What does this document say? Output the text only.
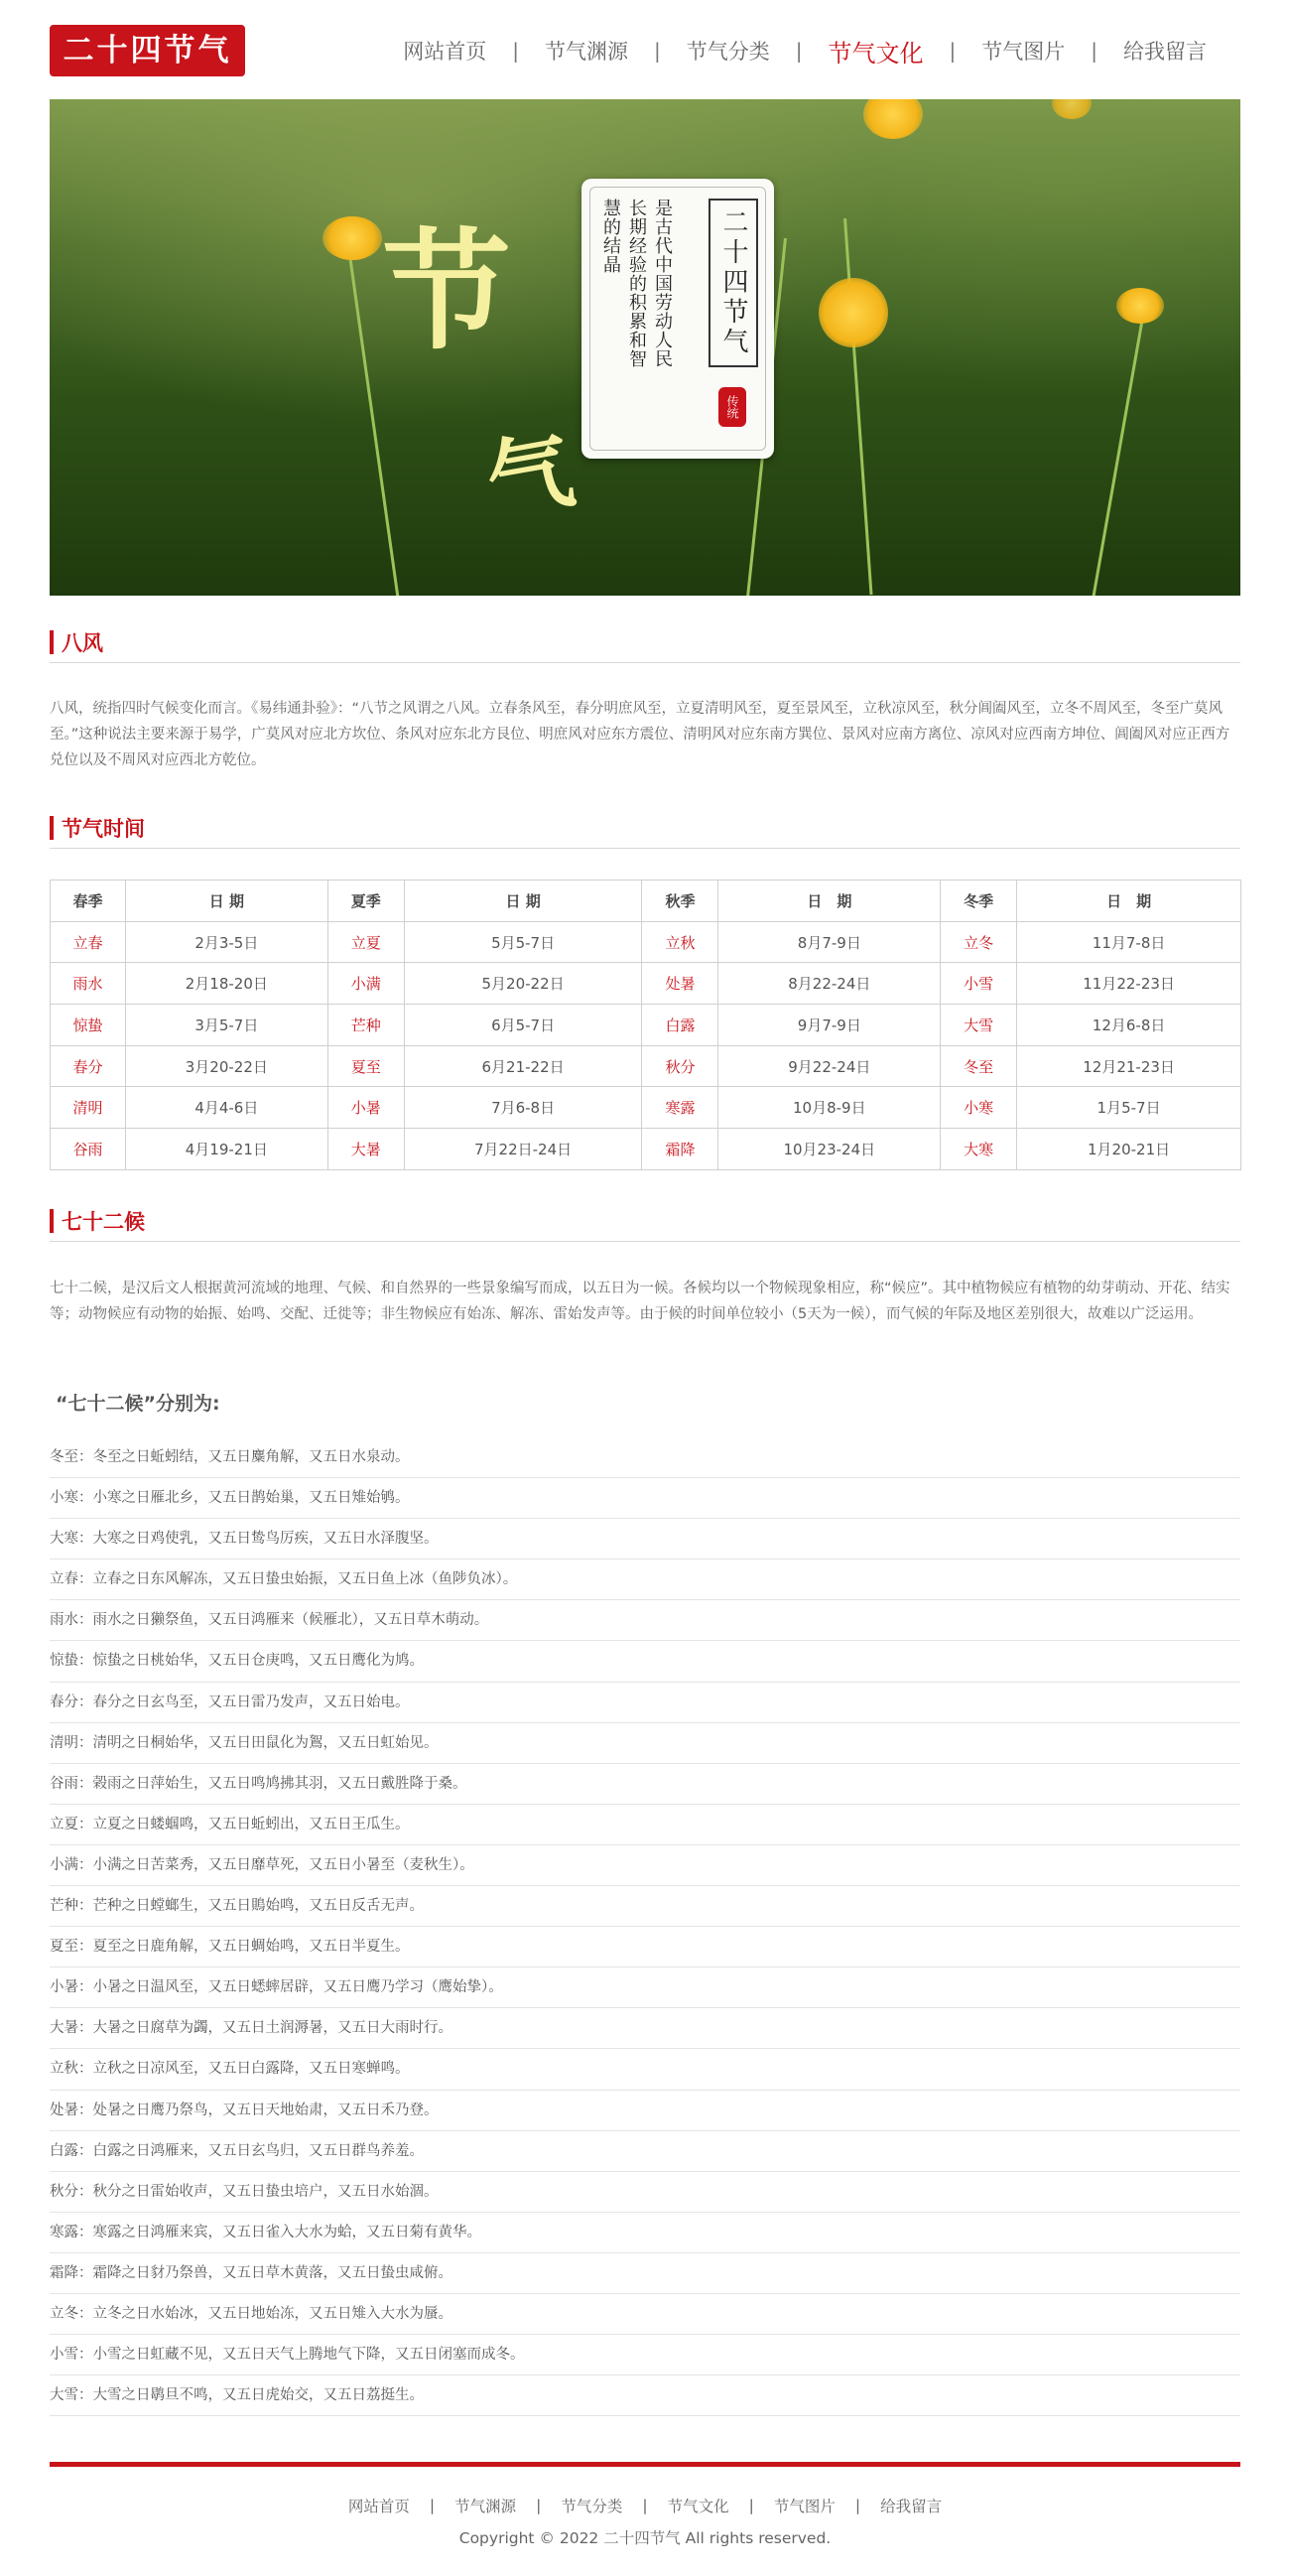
二十四节气	网站首页	|	节气渊源	|	节气分类	|	节气文化	|	节气图片	|	给我留言
节
气
二十四节气
是古代中国劳动人民
长期经验的积累和智
慧的结晶
传统
八风

八风，统指四时气候变化而言。《易纬通卦验》：“八节之风谓之八风。立春条风至，春分明庶风至，立夏清明风至，夏至景风至，立秋凉风至，秋分阊阖风至，立冬不周风至，冬至广莫风至。”这种说法主要来源于易学，广莫风对应北方坎位、条风对应东北方艮位、明庶风对应东方震位、清明风对应东南方巽位、景风对应南方离位、凉风对应西南方坤位、阊阖风对应正西方兑位以及不周风对应西北方乾位。

节气时间
春季	日 期	夏季	日 期	秋季	日　期	冬季	日　期
立春	2月3-5日	立夏	5月5-7日	立秋	8月7-9日	立冬	11月7-8日
雨水	2月18-20日	小满	5月20-22日	处暑	8月22-24日	小雪	11月22-23日
惊蛰	3月5-7日	芒种	6月5-7日	白露	9月7-9日	大雪	12月6-8日
春分	3月20-22日	夏至	6月21-22日	秋分	9月22-24日	冬至	12月21-23日
清明	4月4-6日	小暑	7月6-8日	寒露	10月8-9日	小寒	1月5-7日
谷雨	4月19-21日	大暑	7月22日-24日	霜降	10月23-24日	大寒	1月20-21日
七十二候

七十二候，是汉后文人根据黄河流域的地理、气候、和自然界的一些景象编写而成，以五日为一候。各候均以一个物候现象相应，称“候应”。其中植物候应有植物的幼芽萌动、开花、结实等；动物候应有动物的始振、始鸣、交配、迁徙等；非生物候应有始冻、解冻、雷始发声等。由于候的时间单位较小（5天为一候），而气候的年际及地区差别很大，故难以广泛运用。

“七十二候”分别为:
冬至：冬至之日蚯蚓结，又五日麋角解，又五日水泉动。
小寒：小寒之日雁北乡，又五日鹊始巢，又五日雉始鸲。
大寒：大寒之日鸡使乳，又五日鸷鸟厉疾，又五日水泽腹坚。
立春：立春之日东风解冻，又五日蛰虫始振，又五日鱼上冰（鱼陟负冰）。
雨水：雨水之日獭祭鱼，又五日鸿雁来（候雁北），又五日草木萌动。
惊蛰：惊蛰之日桃始华，又五日仓庚鸣，又五日鹰化为鸠。
春分：春分之日玄鸟至，又五日雷乃发声，又五日始电。
清明：清明之日桐始华，又五日田鼠化为鴽，又五日虹始见。
谷雨：榖雨之日萍始生，又五日鸣鸠拂其羽，又五日戴胜降于桑。
立夏：立夏之日蝼蝈鸣，又五日蚯蚓出，又五日王瓜生。
小满：小满之日苦菜秀，又五日靡草死，又五日小暑至（麦秋生）。
芒种：芒种之日螳螂生，又五日鵙始鸣，又五日反舌无声。
夏至：夏至之日鹿角解，又五日蜩始鸣，又五日半夏生。
小暑：小暑之日温风至，又五日蟋蟀居辟，又五日鹰乃学习（鹰始挚）。
大暑：大暑之日腐草为蠲，又五日土润溽暑，又五日大雨时行。
立秋：立秋之日凉风至，又五日白露降，又五日寒蝉鸣。
处暑：处暑之日鹰乃祭鸟，又五日天地始肃，又五日禾乃登。
白露：白露之日鸿雁来，又五日玄鸟归，又五日群鸟养羞。
秋分：秋分之日雷始收声，又五日蛰虫培户，又五日水始涸。
寒露：寒露之日鸿雁来宾，又五日雀入大水为蛤，又五日菊有黄华。
霜降：霜降之日豺乃祭兽，又五日草木黄落，又五日蛰虫咸俯。
立冬：立冬之日水始冰，又五日地始冻，又五日雉入大水为蜃。
小雪：小雪之日虹藏不见，又五日天气上腾地气下降，又五日闭塞而成冬。
大雪：大雪之日鹖旦不鸣，又五日虎始交，又五日荔挺生。
网站首页	|	节气渊源	|	节气分类	|	节气文化	|	节气图片	|	给我留言
Copyright © 2022 二十四节气 All rights reserved.
